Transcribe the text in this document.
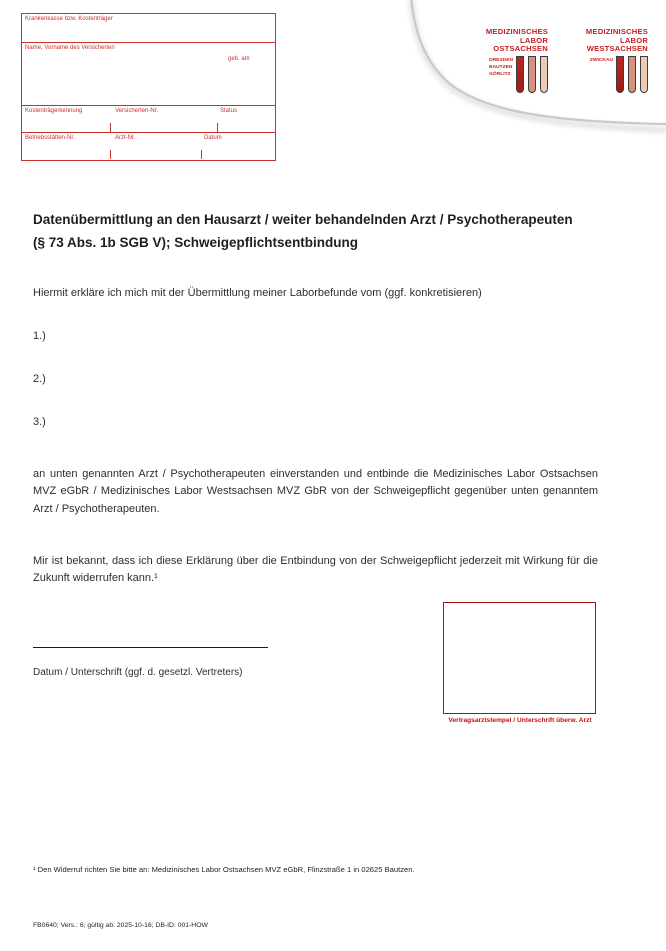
Krankenkasse bzw. Kostenträger
Name, Vorname des Versicherten
geb. am
Kostenträgerkennung	Versicherten-Nr.	Status
Betriebsstätten-Nr.	Arzt-Nr.	Datum
MEDIZINISCHES
LABOR
OSTSACHSEN
DRESDEN
BAUTZEN
GÖRLITZ
MEDIZINISCHES
LABOR
WESTSACHSEN
ZWICKAU
Datenübermittlung an den Hausarzt / weiter behandelnden Arzt / Psychotherapeuten
(§ 73 Abs. 1b SGB V); Schweigepflichtsentbindung
Hiermit erkläre ich mich mit der Übermittlung meiner Laborbefunde vom (ggf. konkretisieren)
1.)
2.)
3.)
an unten genannten Arzt / Psychotherapeuten einverstanden und entbinde die Medizinisches Labor Ostsachsen MVZ eGbR / Medizinisches Labor Westsachsen MVZ GbR von der Schweigepflicht gegenüber unten genanntem Arzt / Psychotherapeuten.
Mir ist bekannt, dass ich diese Erklärung über die Entbindung von der Schweigepflicht jederzeit mit Wirkung für die Zukunft widerrufen kann.¹
Datum / Unterschrift (ggf. d. gesetzl. Vertreters)
Vertragsarztstempel / Unterschrift überw. Arzt
¹ Den Widerruf richten Sie bitte an: Medizinisches Labor Ostsachsen MVZ eGbR, Flinzstraße 1 in 02625 Bautzen.
FB0640; Vers.: 6; gültig ab: 2025-10-16; DB-ID: 001-HOW
